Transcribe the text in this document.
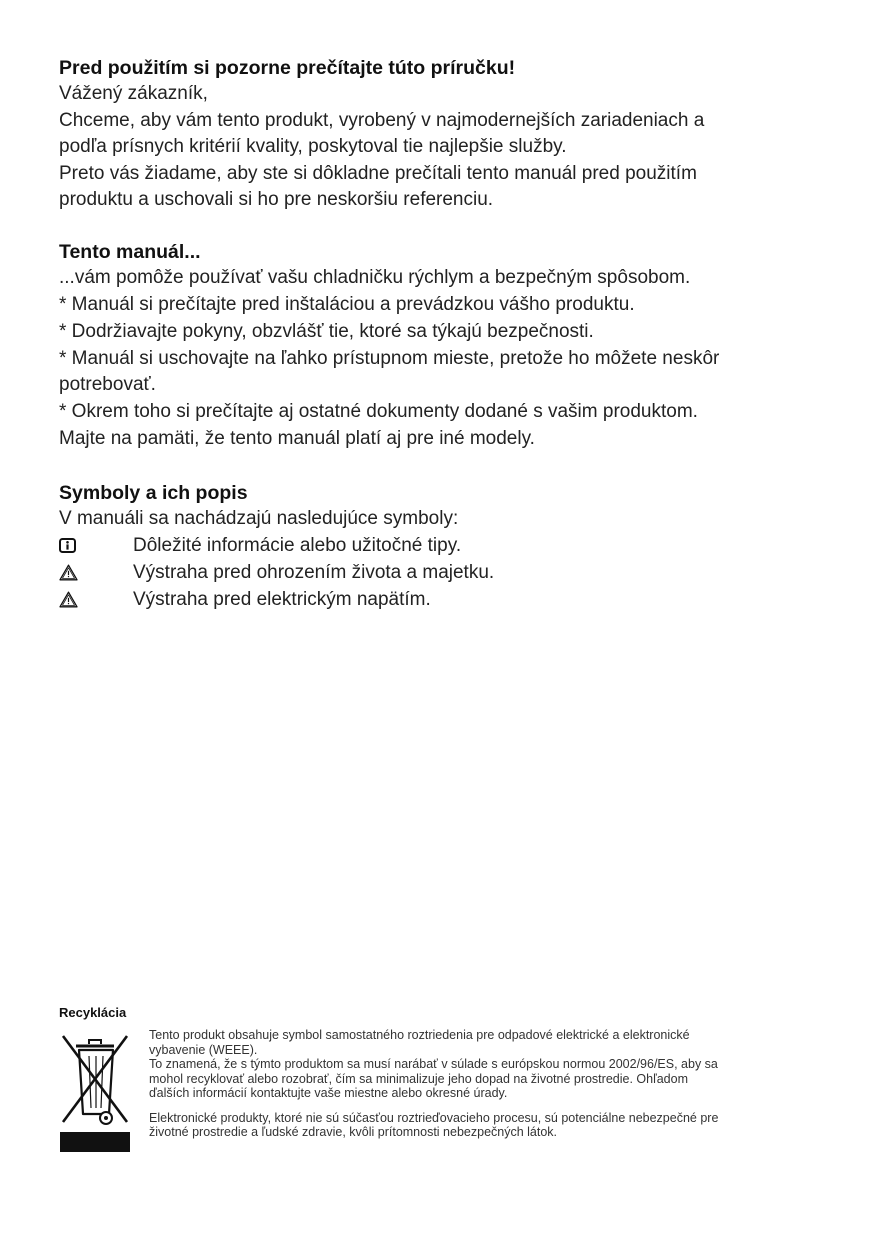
Pred použitím si pozorne prečítajte túto príručku!

Vážený zákazník,

Chceme, aby vám tento produkt, vyrobený v najmodernejších zariadeniach a

podľa prísnych kritérií kvality, poskytoval tie najlepšie služby.

Preto vás žiadame, aby ste si dôkladne prečítali tento manuál pred použitím

produktu a uschovali si ho pre neskoršiu referenciu.

Tento manuál...

...vám pomôže používať vašu chladničku rýchlym a bezpečným spôsobom.

* Manuál si prečítajte pred inštaláciou a prevádzkou vášho produktu.

* Dodržiavajte pokyny, obzvlášť tie, ktoré sa týkajú bezpečnosti.

* Manuál si uschovajte na ľahko prístupnom mieste, pretože ho môžete neskôr

potrebovať.

* Okrem toho si prečítajte aj ostatné dokumenty dodané s vašim produktom.

Majte na pamäti, že tento manuál platí aj pre iné modely.

Symboly a ich popis

V manuáli sa nachádzajú nasledujúce symboly:

Dôležité informácie alebo užitočné tipy.
Výstraha pred ohrozením života a majetku.
Výstraha pred elektrickým napätím.

Recyklácia

Tento produkt obsahuje symbol samostatného roztriedenia pre odpadové elektrické a elektronické

vybavenie (WEEE).

To znamená, že s týmto produktom sa musí narábať v súlade s európskou normou 2002/96/ES, aby sa

mohol recyklovať alebo rozobrať, čím sa minimalizuje jeho dopad na životné prostredie. Ohľadom

ďalších informácií kontaktujte vaše miestne alebo okresné úrady.

Elektronické produkty, ktoré nie sú súčasťou roztrieďovacieho procesu, sú potenciálne nebezpečné pre

životné prostredie a ľudské zdravie, kvôli prítomnosti nebezpečných látok.
